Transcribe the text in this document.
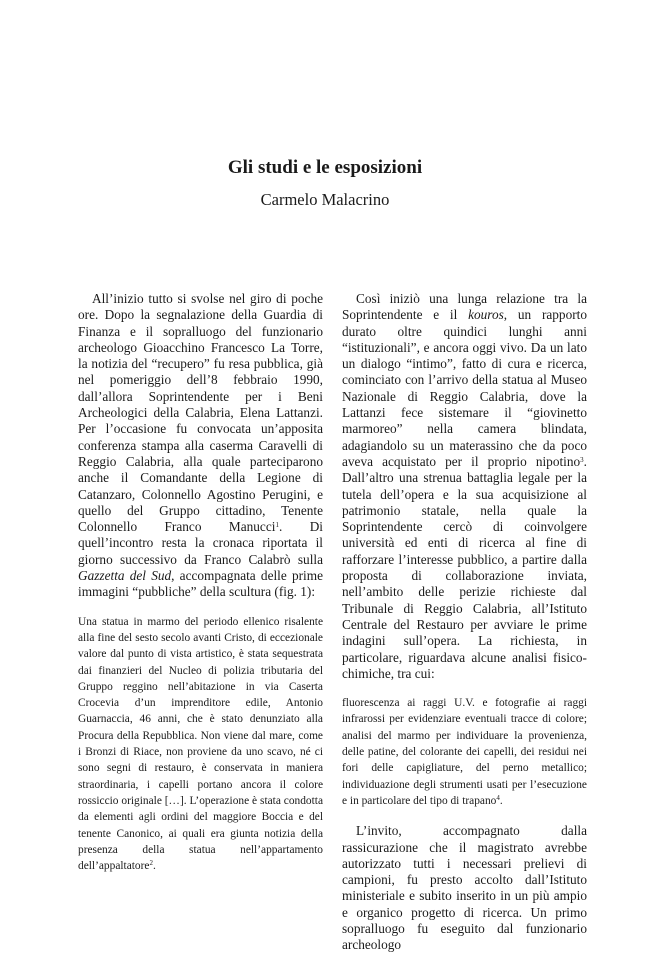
Gli studi e le esposizioni
Carmelo Malacrino

All’inizio tutto si svolse nel giro di poche ore. Dopo la segnalazione della Guardia di Finanza e il sopralluogo del funzionario archeologo Gioacchino Francesco La Torre, la notizia del “recupero” fu resa pubblica, già nel pomeriggio dell’8 febbraio 1990, dall’allora Soprintendente per i Beni Archeologici della Calabria, Elena Lattanzi. Per l’occasione fu convocata un’apposita conferenza stampa alla caserma Caravelli di Reggio Calabria, alla quale parteciparono anche il Comandante della Legione di Catanzaro, Colonnello Agostino Perugini, e quello del Gruppo cittadino, Tenente Colonnello Franco Manucci$^1$. Di quell’incontro resta la cronaca riportata il giorno successivo da Franco Calabrò sulla Gazzetta del Sud, accompagnata delle prime immagini “pubbliche” della scultura (fig. 1):

Una statua in marmo del periodo ellenico risalente alla fine del sesto secolo avanti Cristo, di eccezionale valore dal punto di vista artistico, è stata sequestrata dai finanzieri del Nucleo di polizia tributaria del Gruppo reggino nell’abitazione in via Caserta Crocevia d’un imprenditore edile, Antonio Guarnaccia, 46 anni, che è stato denunziato alla Procura della Repubblica. Non viene dal mare, come i Bronzi di Riace, non proviene da uno scavo, né ci sono segni di restauro, è conservata in maniera straordinaria, i capelli portano ancora il colore rossiccio originale […]. L’operazione è stata condotta da elementi agli ordini del maggiore Boccia e del tenente Canonico, ai quali era giunta notizia della presenza della statua nell’appartamento dell’appaltatore$^2$.

Così iniziò una lunga relazione tra la Soprintendente e il kouros, un rapporto durato oltre quindici lunghi anni “istituzionali”, e ancora oggi vivo. Da un lato un dialogo “intimo”, fatto di cura e ricerca, cominciato con l’arrivo della statua al Museo Nazionale di Reggio Calabria, dove la Lattanzi fece sistemare il “giovinetto marmoreo” nella camera blindata, adagiandolo su un materassino che da poco aveva acquistato per il proprio nipotino$^3$. Dall’altro una strenua battaglia legale per la tutela dell’opera e la sua acquisizione al patrimonio statale, nella quale la Soprintendente cercò di coinvolgere università ed enti di ricerca al fine di rafforzare l’interesse pubblico, a partire dalla proposta di collaborazione inviata, nell’ambito delle perizie richieste dal Tribunale di Reggio Calabria, all’Istituto Centrale del Restauro per avviare le prime indagini sull’opera. La richiesta, in particolare, riguardava alcune analisi fisico-chimiche, tra cui:

fluorescenza ai raggi U.V. e fotografie ai raggi infrarossi per evidenziare eventuali tracce di colore; analisi del marmo per individuare la provenienza, delle patine, del colorante dei capelli, dei residui nei fori delle capigliature, del perno metallico; individuazione degli strumenti usati per l’esecuzione e in particolare del tipo di trapano$^4$.

L’invito, accompagnato dalla rassicurazione che il magistrato avrebbe autorizzato tutti i necessari prelievi di campioni, fu presto accolto dall’Istituto ministeriale e subito inserito in un più ampio e organico progetto di ricerca. Un primo sopralluogo fu eseguito dal funzionario archeologo
